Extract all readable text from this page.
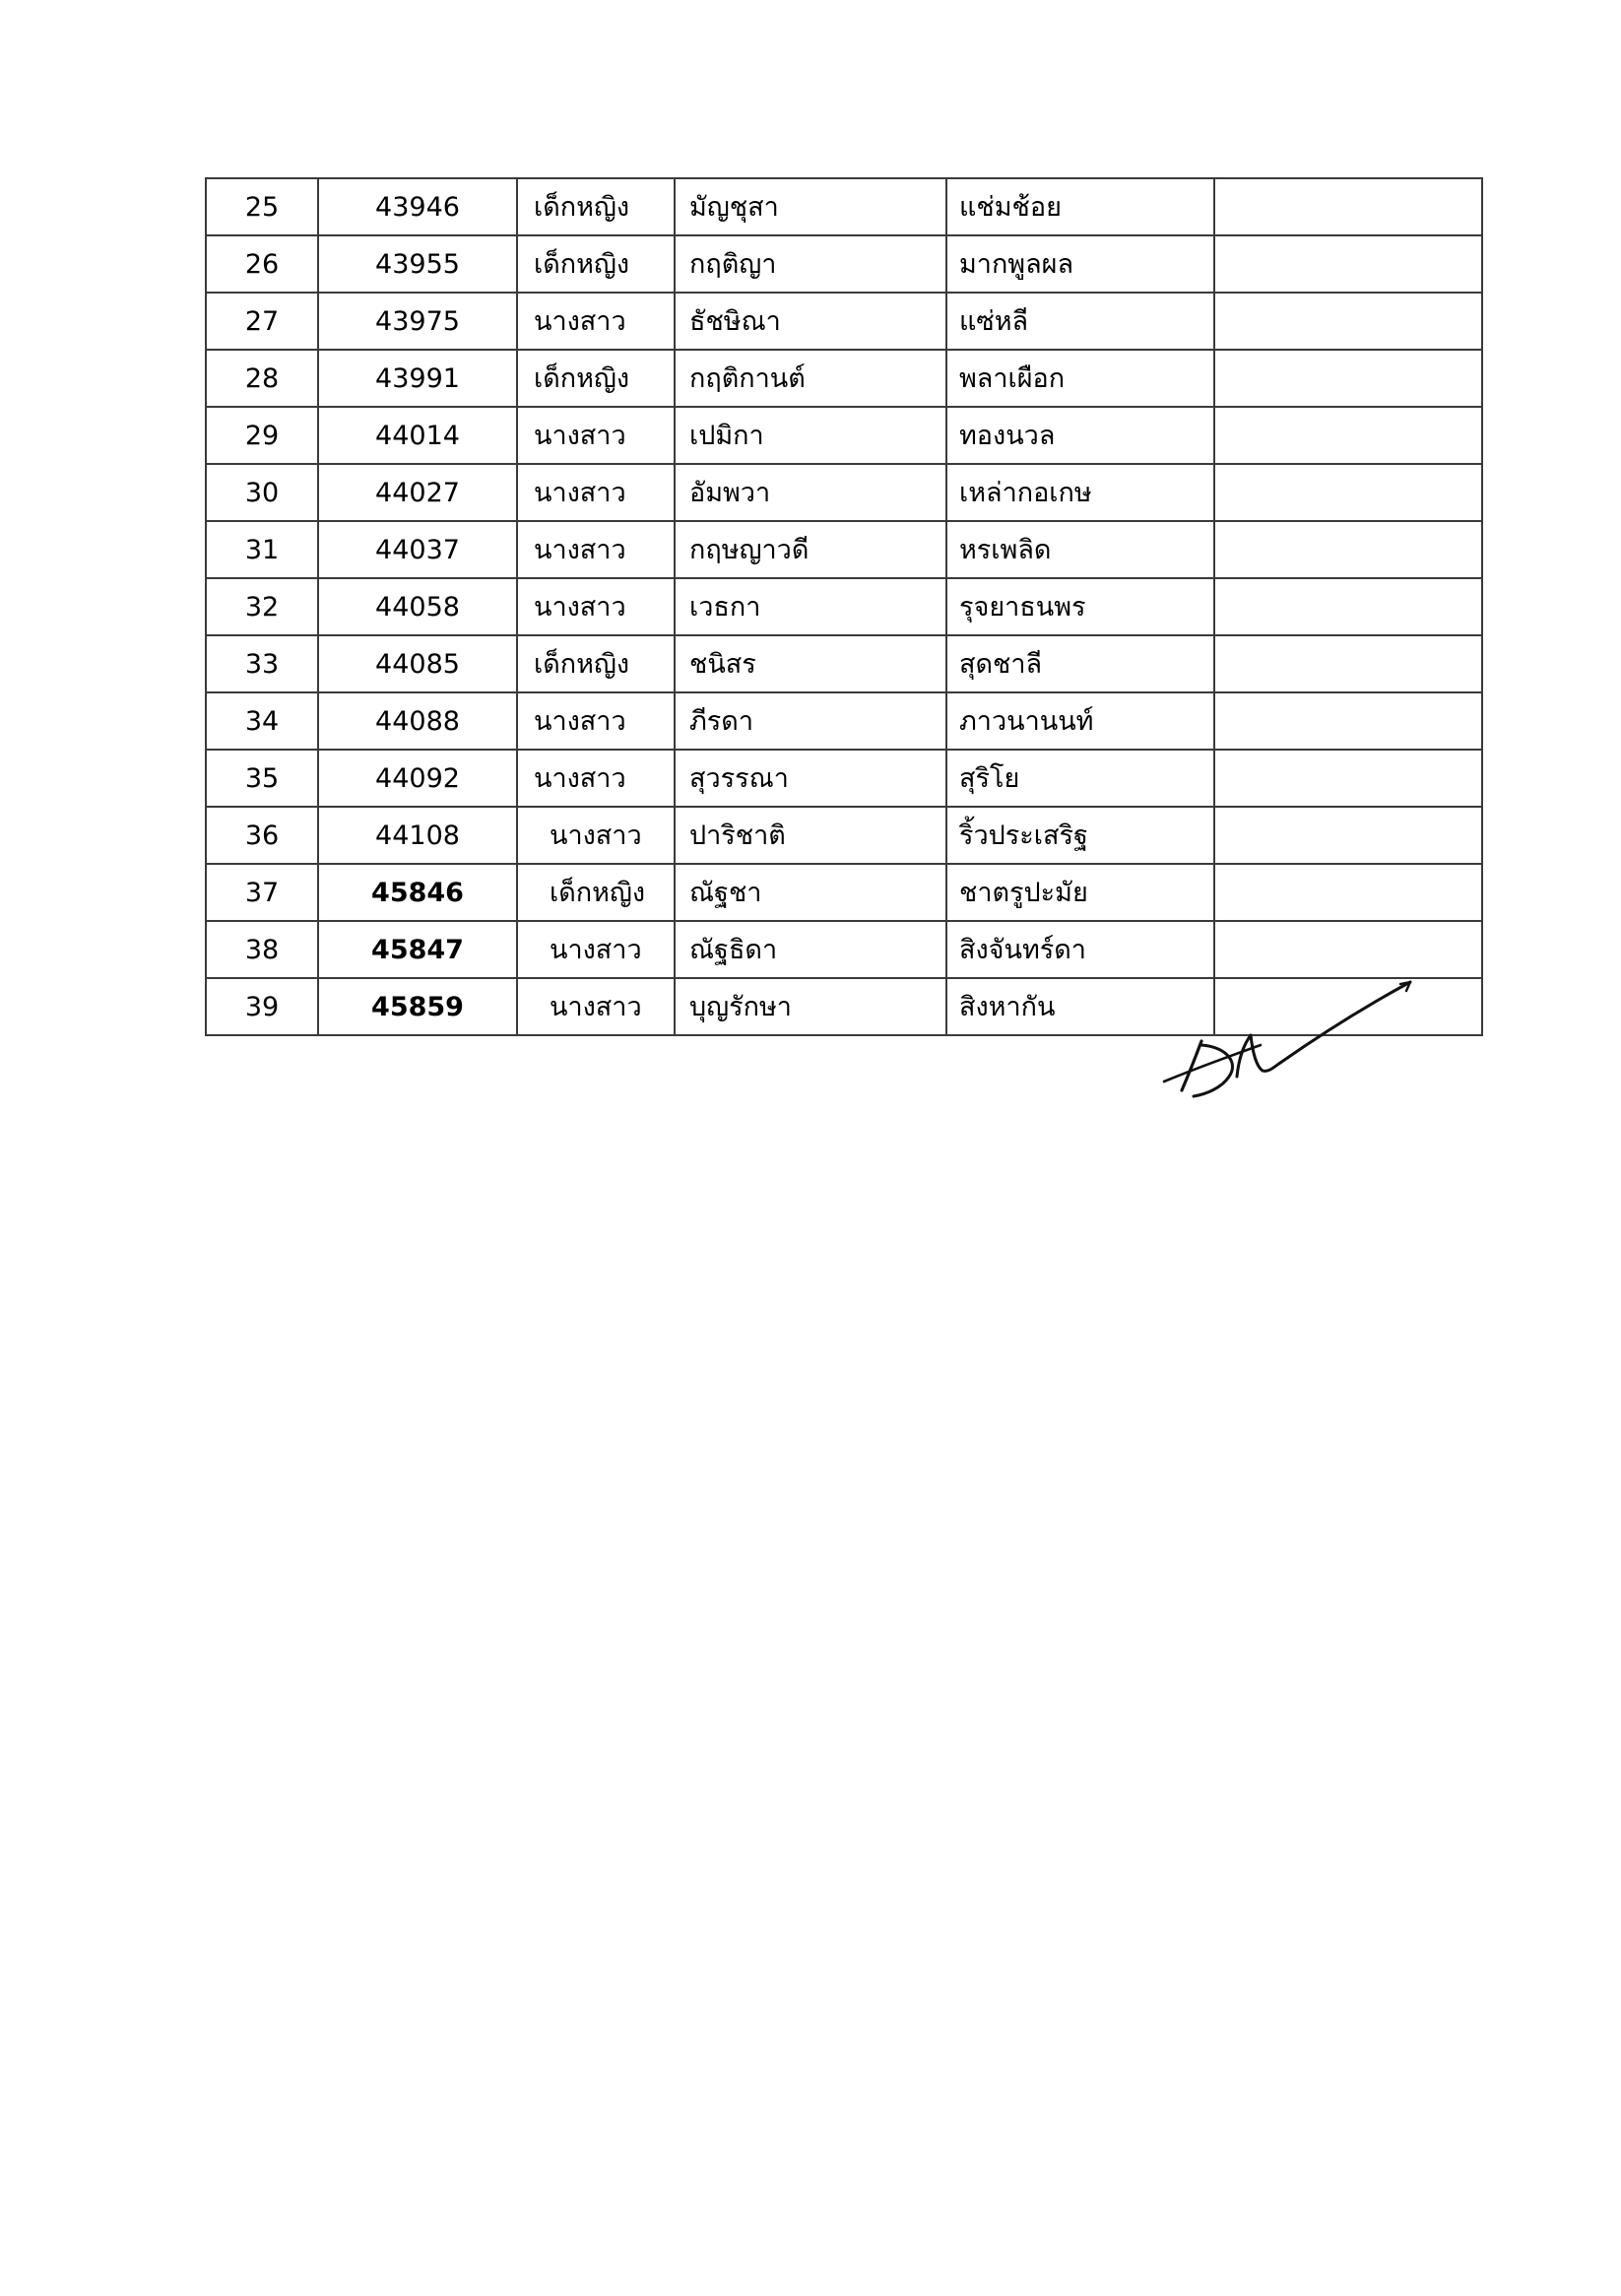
25	43946	เด็กหญิง	มัญชุสา	แช่มช้อย	
26	43955	เด็กหญิง	กฤติญา	มากพูลผล	
27	43975	นางสาว	ธัชษิณา	แซ่หลี	
28	43991	เด็กหญิง	กฤติกานต์	พลาเผือก	
29	44014	นางสาว	เปมิกา	ทองนวล	
30	44027	นางสาว	อัมพวา	เหล่ากอเกษ	
31	44037	นางสาว	กฤษญาวดี	หรเพลิด	
32	44058	นางสาว	เวธกา	รุจยาธนพร	
33	44085	เด็กหญิง	ชนิสร	สุดชาลี	
34	44088	นางสาว	ภีรดา	ภาวนานนท์	
35	44092	นางสาว	สุวรรณา	สุริโย	
36	44108	นางสาว	ปาริชาติ	ริ้วประเสริฐ	
37	45846	เด็กหญิง	ณัฐชา	ชาตรูปะมัย	
38	45847	นางสาว	ณัฐธิดา	สิงจันทร์ดา	
39	45859	นางสาว	บุญรักษา	สิงหากัน	
